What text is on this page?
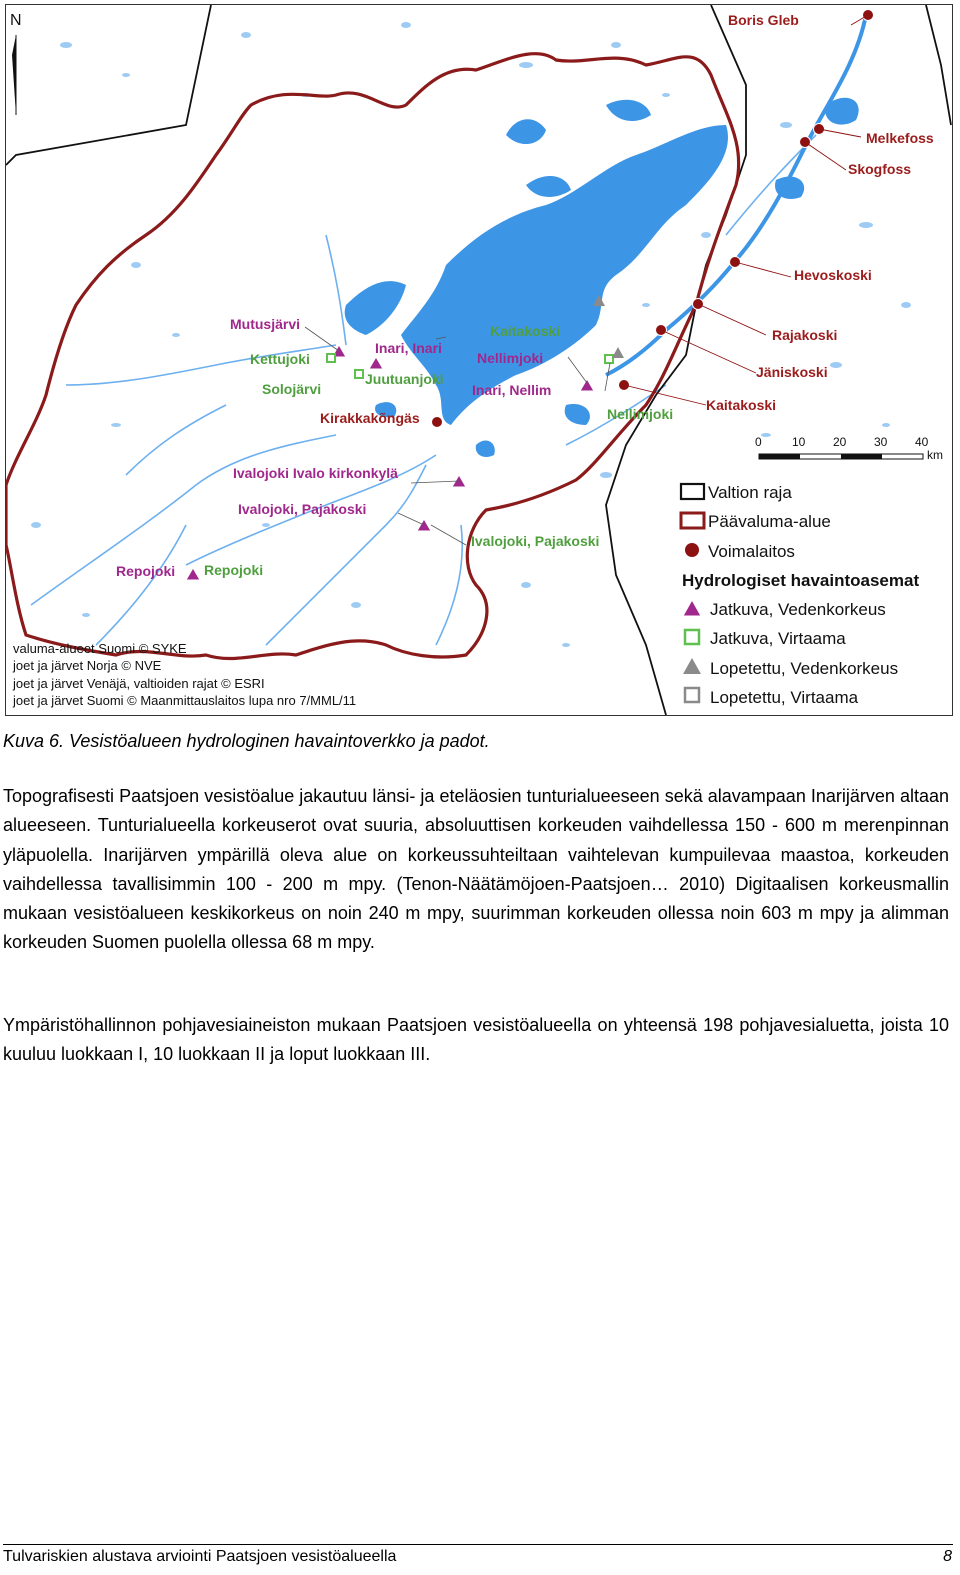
N
Mutusjärvi
Kettujoki
Solojärvi
Inari, Inari
Juutuanjoki
Kirakkakõngäs
Kaitakoski
Nellimjoki
Inari, Nellim
Nellimjoki
Ivalojoki Ivalo kirkonkylä
Ivalojoki, Pajakoski
Ivalojoki, Pajakoski
Repojoki Repojoki
Boris Gleb
Melkefoss
Skogfoss
Hevoskoski
Rajakoski
Jäniskoski
Kaitakoski
0	10 20 30 40
km
Valtion raja
Päävaluma-alue
Voimalaitos
Hydrologiset havaintoasemat
Jatkuva, Vedenkorkeus
Jatkuva, Virtaama
Lopetettu, Vedenkorkeus
Lopetettu, Virtaama
valuma-alueet Suomi © SYKE
joet ja järvet Norja © NVE
joet ja järvet Venäjä, valtioiden rajat © ESRI
joet ja järvet Suomi © Maanmittauslaitos lupa nro 7/MML/11
Kuva 6. Vesistöalueen hydrologinen havaintoverkko ja padot.

Topografisesti Paatsjoen vesistöalue jakautuu länsi- ja eteläosien tunturialueeseen sekä alavampaan Inarijärven altaan alueeseen. Tunturialueella korkeuserot ovat suuria, absoluuttisen korkeuden vaihdellessa 150 - 600 m merenpinnan yläpuolella. Inarijärven ympärillä oleva alue on korkeussuhteiltaan vaihtelevan kumpuilevaa maastoa, korkeuden vaihdellessa tavallisimmin 100 - 200 m mpy. (Tenon-Näätämöjoen-Paatsjoen… 2010) Digitaalisen korkeusmallin mukaan vesistöalueen keskikorkeus on noin 240 m mpy, suurimman korkeuden ollessa noin 603 m mpy ja alimman korkeuden Suomen puolella ollessa 68 m mpy.

Ympäristöhallinnon pohjavesiaineiston mukaan Paatsjoen vesistöalueella on yhteensä 198 pohjavesialuetta, joista 10 kuuluu luokkaan I, 10 luokkaan II ja loput luokkaan III.

Tulvariskien alustava arviointi Paatsjoen vesistöalueella	8
